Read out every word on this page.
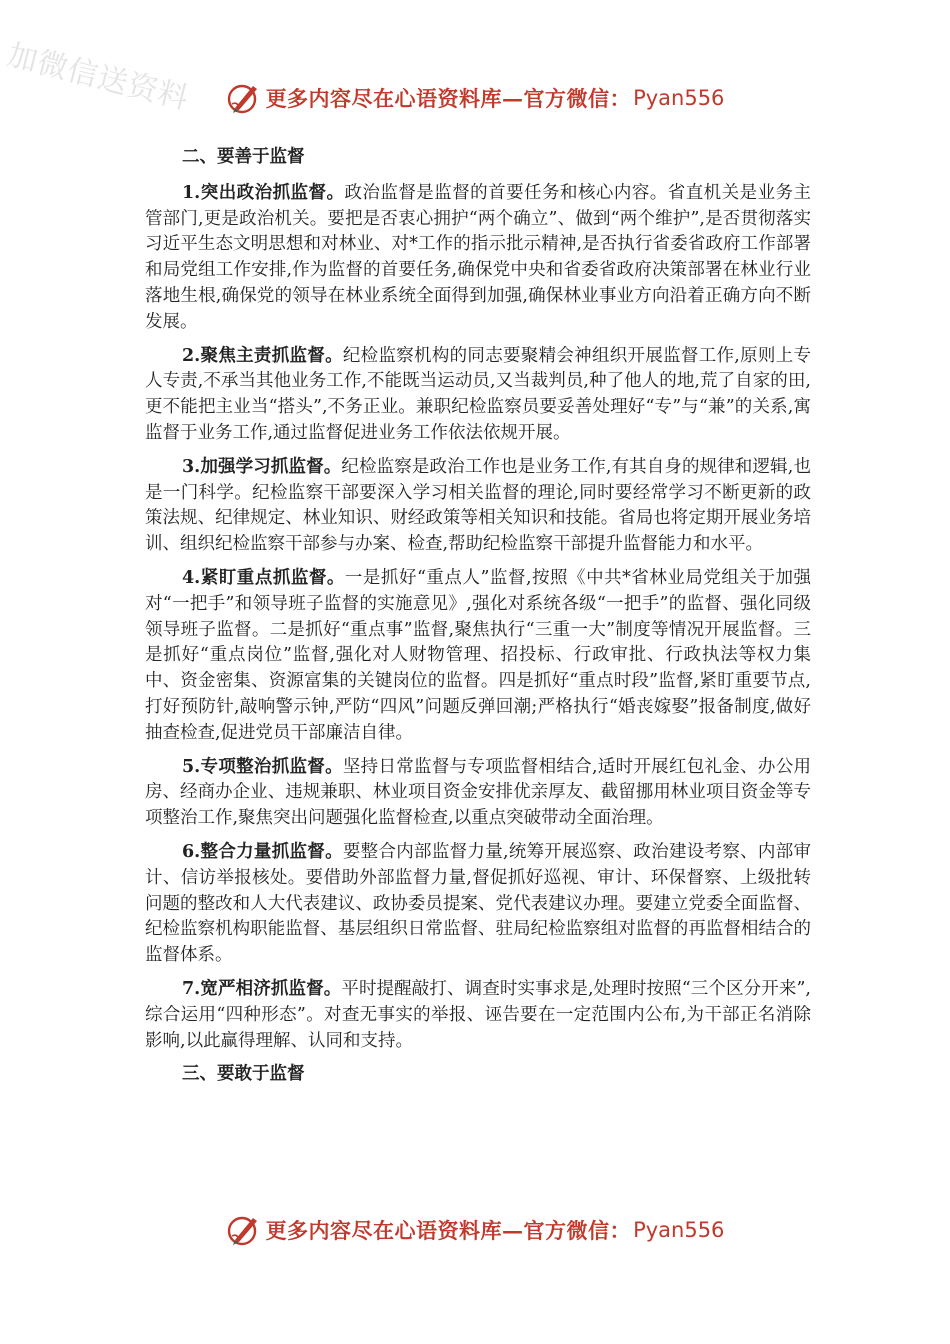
加微信送资料	更多内容尽在心语资料库—官方微信： Pyan556
二、要善于监督

1.突出政治抓监督。政治监督是监督的首要任务和核心内容。省直机关是业务主管部门,更是政治机关。要把是否衷心拥护“两个确立”、做到“两个维护”,是否贯彻落实习近平生态文明思想和对林业、对*工作的指示批示精神,是否执行省委省政府工作部署和局党组工作安排,作为监督的首要任务,确保党中央和省委省政府决策部署在林业行业落地生根,确保党的领导在林业系统全面得到加强,确保林业事业方向沿着正确方向不断发展。

2.聚焦主责抓监督。纪检监察机构的同志要聚精会神组织开展监督工作,原则上专人专责,不承当其他业务工作,不能既当运动员,又当裁判员,种了他人的地,荒了自家的田,更不能把主业当“搭头”,不务正业。兼职纪检监察员要妥善处理好“专”与“兼”的关系,寓监督于业务工作,通过监督促进业务工作依法依规开展。

3.加强学习抓监督。纪检监察是政治工作也是业务工作,有其自身的规律和逻辑,也是一门科学。纪检监察干部要深入学习相关监督的理论,同时要经常学习不断更新的政策法规、纪律规定、林业知识、财经政策等相关知识和技能。省局也将定期开展业务培训、组织纪检监察干部参与办案、检查,帮助纪检监察干部提升监督能力和水平。

4.紧盯重点抓监督。一是抓好“重点人”监督,按照《中共*省林业局党组关于加强对“一把手”和领导班子监督的实施意见》,强化对系统各级“一把手”的监督、强化同级领导班子监督。二是抓好“重点事”监督,聚焦执行“三重一大”制度等情况开展监督。三是抓好“重点岗位”监督,强化对人财物管理、招投标、行政审批、行政执法等权力集中、资金密集、资源富集的关键岗位的监督。四是抓好“重点时段”监督,紧盯重要节点,打好预防针,敲响警示钟,严防“四风”问题反弹回潮;严格执行“婚丧嫁娶”报备制度,做好抽查检查,促进党员干部廉洁自律。

5.专项整治抓监督。坚持日常监督与专项监督相结合,适时开展红包礼金、办公用房、经商办企业、违规兼职、林业项目资金安排优亲厚友、截留挪用林业项目资金等专项整治工作,聚焦突出问题强化监督检查,以重点突破带动全面治理。

6.整合力量抓监督。要整合内部监督力量,统筹开展巡察、政治建设考察、内部审计、信访举报核处。要借助外部监督力量,督促抓好巡视、审计、环保督察、上级批转问题的整改和人大代表建议、政协委员提案、党代表建议办理。要建立党委全面监督、纪检监察机构职能监督、基层组织日常监督、驻局纪检监察组对监督的再监督相结合的监督体系。

7.宽严相济抓监督。平时提醒敲打、调查时实事求是,处理时按照“三个区分开来”,综合运用“四种形态”。对查无事实的举报、诬告要在一定范围内公布,为干部正名消除影响,以此赢得理解、认同和支持。

三、要敢于监督
更多内容尽在心语资料库—官方微信： Pyan556
